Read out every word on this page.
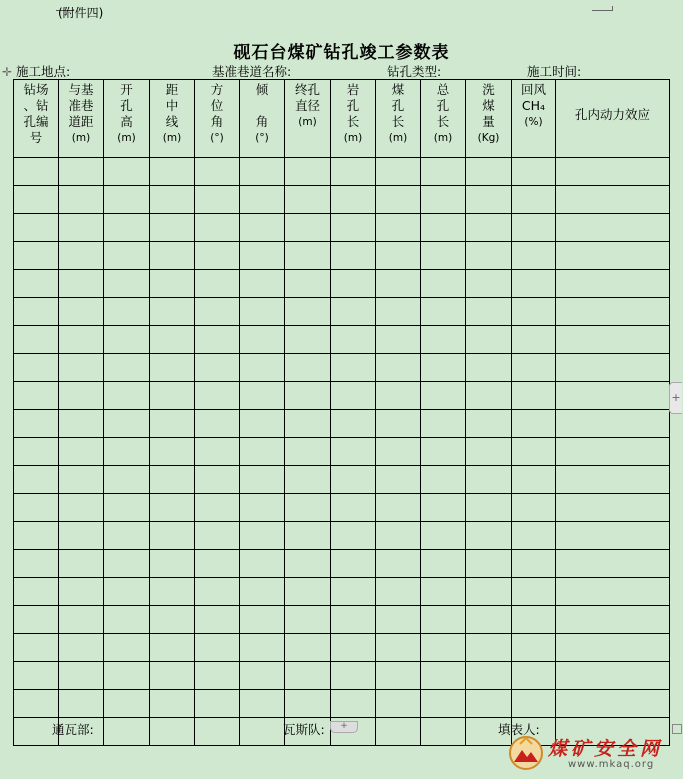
(附件四)
砚石台煤矿钻孔竣工参数表
✛ 施工地点:	基准巷道名称:	钻孔类型:	施工时间:
钻场
、钻
孔编
号	与基
准巷
道距
(m)	开
孔
高
(m)	距
中
线
(m)	方
位
角
(°)	倾

角
(°)	终孔
直径
(m)	岩
孔
长
(m)	煤
孔
长
(m)	总
孔
长
(m)	洗
煤
量
(Kg)	回风
CH₄
(%)	孔内动力效应

+
通瓦部:	瓦斯队:	填表人:
+
煤矿安全网
www.mkaq.org
